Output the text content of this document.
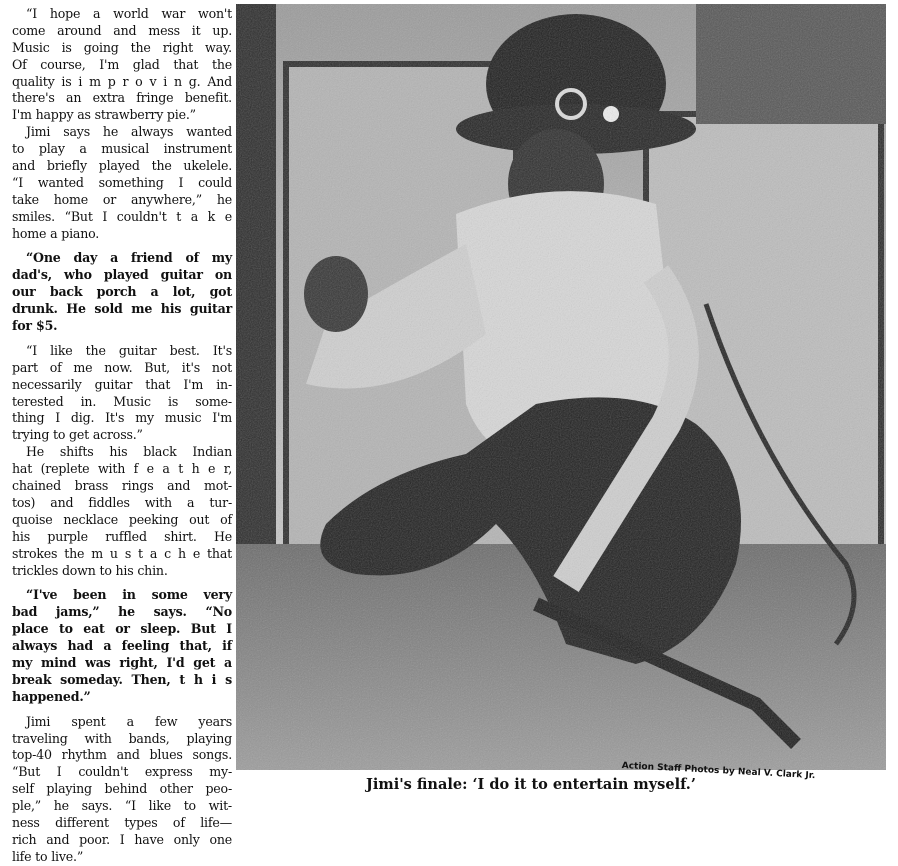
“I hope a world war won't
come around and mess it up.
Music is going the right way.
Of course, I'm glad that the
quality is i m p r o v i n g. And
there's an extra fringe benefit.
I'm happy as strawberry pie.”
Jimi says he always wanted
to play a musical instrument
and briefly played the ukelele.
“I wanted something I could
take home or anywhere,” he
smiles. “But I couldn't t a k e
home a piano.
“One day a friend of my
dad's, who played guitar on
our back porch a lot, got
drunk. He sold me his guitar
for $5.
“I like the guitar best. It's
part of me now. But, it's not
necessarily guitar that I'm in-
terested in. Music is some-
thing I dig. It's my music I'm
trying to get across.”
He shifts his black Indian
hat (replete with f e a t h e r,
chained brass rings and mot-
tos) and fiddles with a tur-
quoise necklace peeking out of
his purple ruffled shirt. He
strokes the m u s t a c h e that
trickles down to his chin.
“I've been in some very
bad jams,” he says. “No
place to eat or sleep. But I
always had a feeling that, if
my mind was right, I'd get a
break someday. Then, t h i s
happened.”
Jimi spent a few years
traveling with bands, playing
top-40 rhythm and blues songs.
“But I couldn't express my-
self playing behind other peo-
ple,” he says. “I like to wit-
ness different types of life—
rich and poor. I have only one
life to live.”
Action Staff Photos by Neal V. Clark Jr.
Jimi's finale: ‘I do it to entertain myself.’
